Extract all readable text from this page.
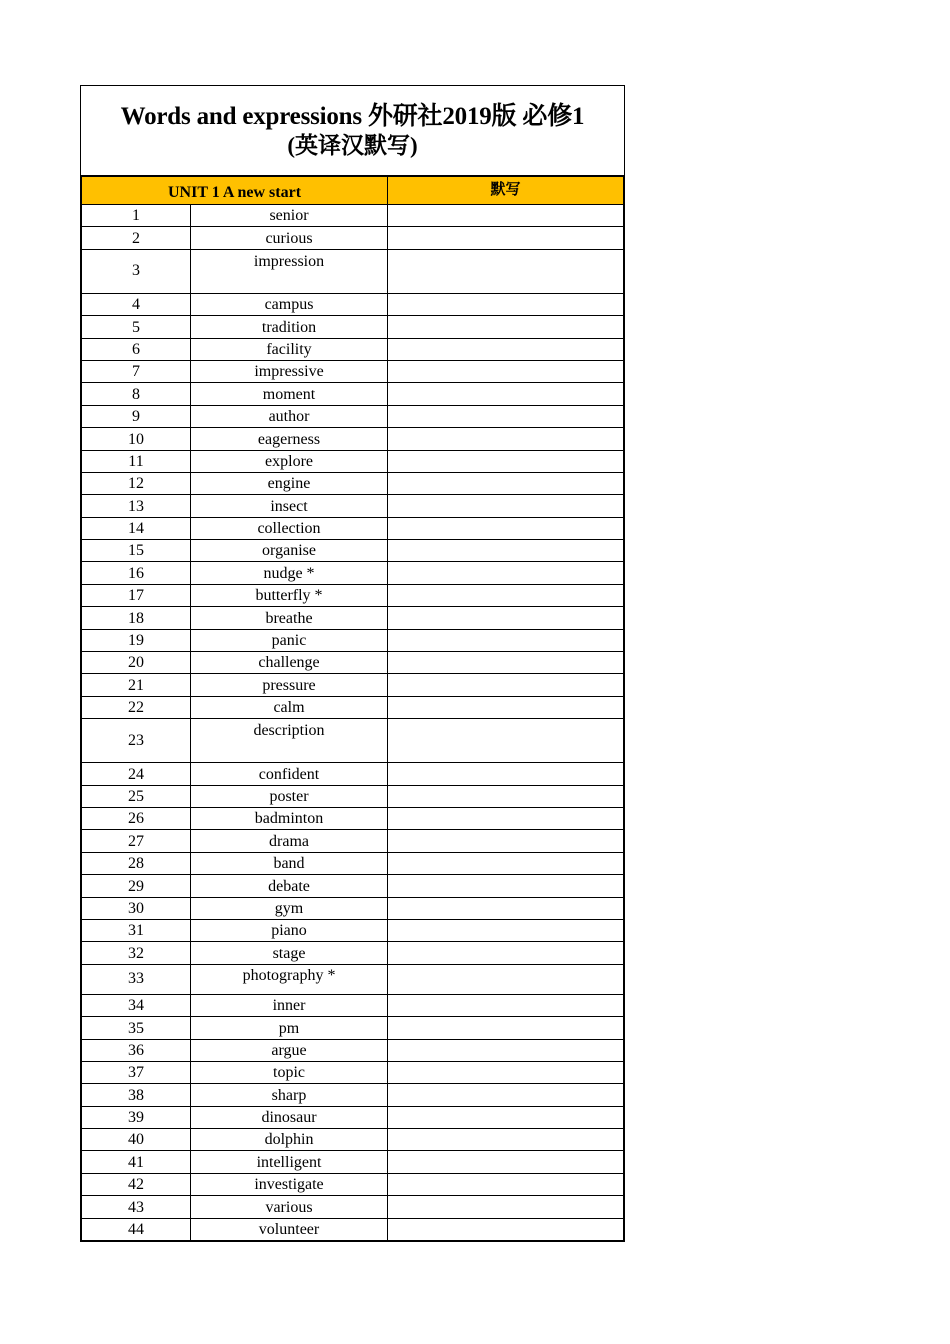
Words and expressions 外研社2019版 必修1
(英译汉默写)
UNIT 1 A new start		默写
1	senior	
2	curious	
3	impression	
4	campus	
5	tradition	
6	facility	
7	impressive	
8	moment	
9	author	
10	eagerness	
11	explore	
12	engine	
13	insect	
14	collection	
15	organise	
16	nudge *	
17	butterfly *	
18	breathe	
19	panic	
20	challenge	
21	pressure	
22	calm	
23	description	
24	confident	
25	poster	
26	badminton	
27	drama	
28	band	
29	debate	
30	gym	
31	piano	
32	stage	
33	photography *	
34	inner	
35	pm	
36	argue	
37	topic	
38	sharp	
39	dinosaur	
40	dolphin	
41	intelligent	
42	investigate	
43	various	
44	volunteer	
